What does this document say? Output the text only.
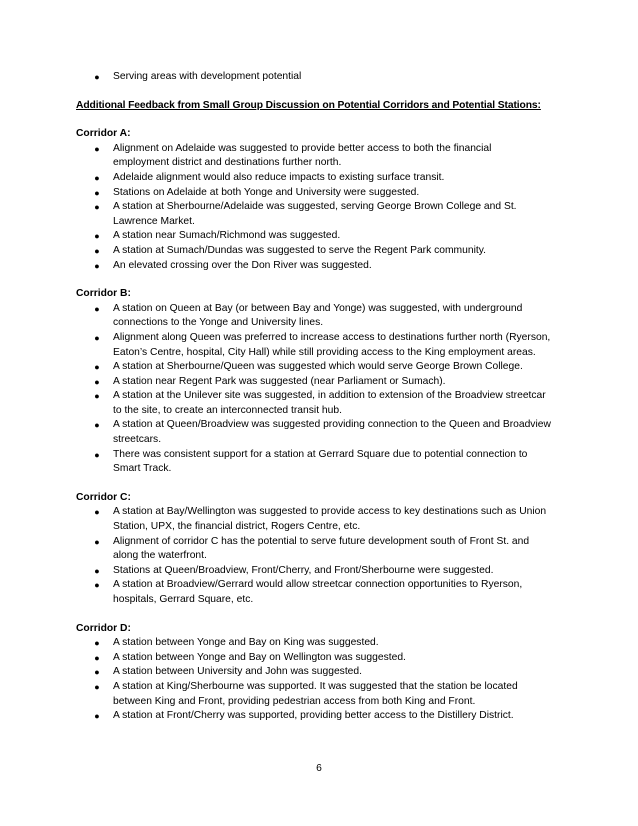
● Serving areas with development potential
Additional Feedback from Small Group Discussion on Potential Corridors and Potential Stations:
Corridor A:
● Alignment on Adelaide was suggested to provide better access to both the financial
employment district and destinations further north.
● Adelaide alignment would also reduce impacts to existing surface transit.
● Stations on Adelaide at both Yonge and University were suggested.
● A station at Sherbourne/Adelaide was suggested, serving George Brown College and St.
Lawrence Market.
● A station near Sumach/Richmond was suggested.
● A station at Sumach/Dundas was suggested to serve the Regent Park community.
● An elevated crossing over the Don River was suggested.
Corridor B:
● A station on Queen at Bay (or between Bay and Yonge) was suggested, with underground
connections to the Yonge and University lines.
● Alignment along Queen was preferred to increase access to destinations further north (Ryerson,
Eaton’s Centre, hospital, City Hall) while still providing access to the King employment areas.
● A station at Sherbourne/Queen was suggested which would serve George Brown College.
● A station near Regent Park was suggested (near Parliament or Sumach).
● A station at the Unilever site was suggested, in addition to extension of the Broadview streetcar
to the site, to create an interconnected transit hub.
● A station at Queen/Broadview was suggested providing connection to the Queen and Broadview
streetcars.
● There was consistent support for a station at Gerrard Square due to potential connection to
Smart Track.
Corridor C:
● A station at Bay/Wellington was suggested to provide access to key destinations such as Union
Station, UPX, the financial district, Rogers Centre, etc.
● Alignment of corridor C has the potential to serve future development south of Front St. and
along the waterfront.
● Stations at Queen/Broadview, Front/Cherry, and Front/Sherbourne were suggested.
● A station at Broadview/Gerrard would allow streetcar connection opportunities to Ryerson,
hospitals, Gerrard Square, etc.
Corridor D:
● A station between Yonge and Bay on King was suggested.
● A station between Yonge and Bay on Wellington was suggested.
● A station between University and John was suggested.
● A station at King/Sherbourne was supported. It was suggested that the station be located
between King and Front, providing pedestrian access from both King and Front.
● A station at Front/Cherry was supported, providing better access to the Distillery District.
6
